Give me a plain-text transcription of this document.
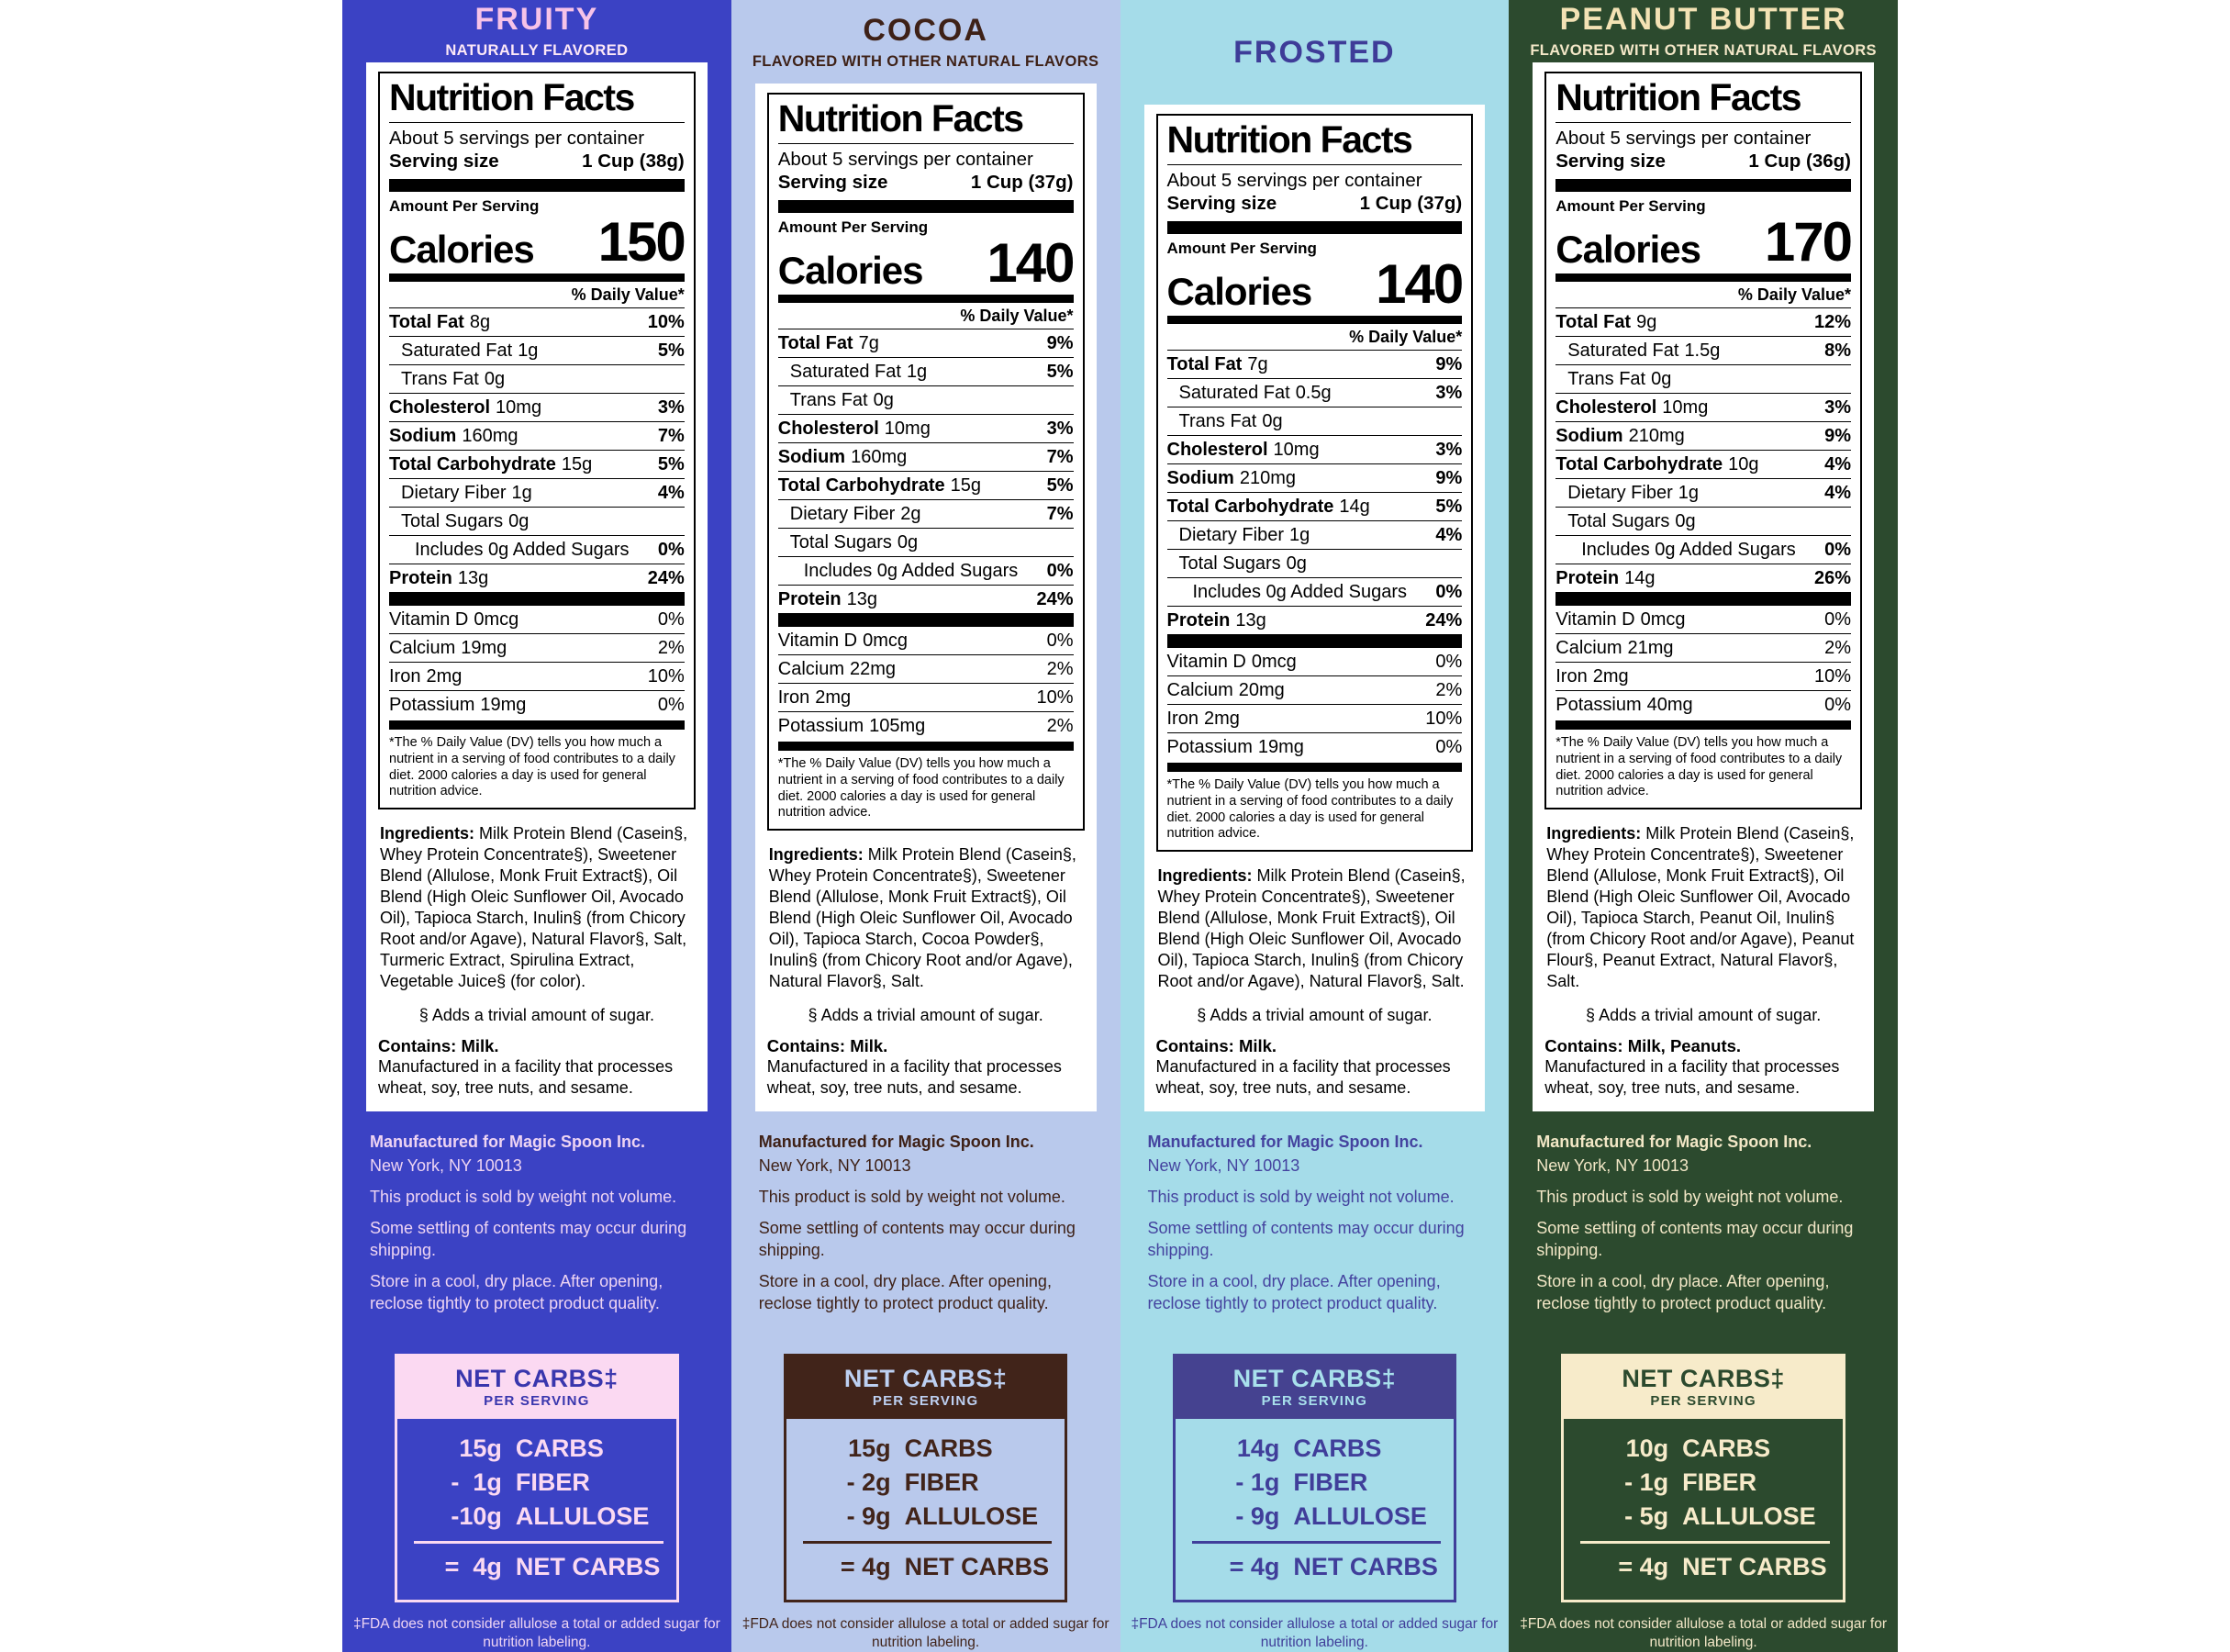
FRUITY
NATURALLY FLAVORED
Nutrition Facts
About 5 servings per container
Serving size	1 Cup (38g)
Amount Per Serving
Calories 150
% Daily Value*
Total Fat 8g	10%
Saturated Fat 1g	5%
Trans Fat 0g
Cholesterol 10mg	3%
Sodium 160mg	7%
Total Carbohydrate 15g	5%
Dietary Fiber 1g	4%
Total Sugars 0g
Includes 0g Added Sugars 0%
Protein 13g	24%
Vitamin D 0mcg	0%
Calcium 19mg	2%
Iron 2mg	10%
Potassium 19mg	0%
*The % Daily Value (DV) tells you how much a nutrient in a serving of food contributes to a daily diet. 2000 calories a day is used for general nutrition advice.
Ingredients: Milk Protein Blend (Casein§, Whey Protein Concentrate§), Sweetener Blend (Allulose, Monk Fruit Extract§), Oil Blend (High Oleic Sunflower Oil, Avocado Oil), Tapioca Starch, Inulin§ (from Chicory Root and/or Agave), Natural Flavor§, Salt, Turmeric Extract, Spirulina Extract, Vegetable Juice§ (for color).
§ Adds a trivial amount of sugar.
Contains: Milk.
Manufactured in a facility that processes wheat, soy, tree nuts, and sesame.

Manufactured for Magic Spoon Inc.

New York, NY 10013

This product is sold by weight not volume.

Some settling of contents may occur during shipping.

Store in a cool, dry place. After opening, reclose tightly to protect product quality.

NET CARBS‡
PER SERVING
15g CARBS
-  1g FIBER
-10g ALLULOSE
=  4g NET CARBS
‡FDA does not consider allulose a total or added sugar for nutrition labeling.
COCOA
FLAVORED WITH OTHER NATURAL FLAVORS
Nutrition Facts
About 5 servings per container
Serving size	1 Cup (37g)
Amount Per Serving
Calories 140
% Daily Value*
Total Fat 7g	9%
Saturated Fat 1g	5%
Trans Fat 0g
Cholesterol 10mg	3%
Sodium 160mg	7%
Total Carbohydrate 15g	5%
Dietary Fiber 2g	7%
Total Sugars 0g
Includes 0g Added Sugars 0%
Protein 13g	24%
Vitamin D 0mcg	0%
Calcium 22mg	2%
Iron 2mg	10%
Potassium 105mg	2%
*The % Daily Value (DV) tells you how much a nutrient in a serving of food contributes to a daily diet. 2000 calories a day is used for general nutrition advice.
Ingredients: Milk Protein Blend (Casein§, Whey Protein Concentrate§), Sweetener Blend (Allulose, Monk Fruit Extract§), Oil Blend (High Oleic Sunflower Oil, Avocado Oil), Tapioca Starch, Cocoa Powder§, Inulin§ (from Chicory Root and/or Agave), Natural Flavor§, Salt.
§ Adds a trivial amount of sugar.
Contains: Milk.
Manufactured in a facility that processes wheat, soy, tree nuts, and sesame.

Manufactured for Magic Spoon Inc.

New York, NY 10013

This product is sold by weight not volume.

Some settling of contents may occur during shipping.

Store in a cool, dry place. After opening, reclose tightly to protect product quality.

NET CARBS‡
PER SERVING
15g CARBS
- 2g FIBER
- 9g ALLULOSE
= 4g NET CARBS
‡FDA does not consider allulose a total or added sugar for nutrition labeling.
FROSTED
Nutrition Facts
About 5 servings per container
Serving size	1 Cup (37g)
Amount Per Serving
Calories 140
% Daily Value*
Total Fat 7g	9%
Saturated Fat 0.5g	3%
Trans Fat 0g
Cholesterol 10mg	3%
Sodium 210mg	9%
Total Carbohydrate 14g	5%
Dietary Fiber 1g	4%
Total Sugars 0g
Includes 0g Added Sugars 0%
Protein 13g	24%
Vitamin D 0mcg	0%
Calcium 20mg	2%
Iron 2mg	10%
Potassium 19mg	0%
*The % Daily Value (DV) tells you how much a nutrient in a serving of food contributes to a daily diet. 2000 calories a day is used for general nutrition advice.
Ingredients: Milk Protein Blend (Casein§, Whey Protein Concentrate§), Sweetener Blend (Allulose, Monk Fruit Extract§), Oil Blend (High Oleic Sunflower Oil, Avocado Oil), Tapioca Starch, Inulin§ (from Chicory Root and/or Agave), Natural Flavor§, Salt.
§ Adds a trivial amount of sugar.
Contains: Milk.
Manufactured in a facility that processes wheat, soy, tree nuts, and sesame.

Manufactured for Magic Spoon Inc.

New York, NY 10013

This product is sold by weight not volume.

Some settling of contents may occur during shipping.

Store in a cool, dry place. After opening, reclose tightly to protect product quality.

NET CARBS‡
PER SERVING
14g CARBS
- 1g FIBER
- 9g ALLULOSE
= 4g NET CARBS
‡FDA does not consider allulose a total or added sugar for nutrition labeling.
PEANUT BUTTER
FLAVORED WITH OTHER NATURAL FLAVORS
Nutrition Facts
About 5 servings per container
Serving size	1 Cup (36g)
Amount Per Serving
Calories 170
% Daily Value*
Total Fat 9g	12%
Saturated Fat 1.5g	8%
Trans Fat 0g
Cholesterol 10mg	3%
Sodium 210mg	9%
Total Carbohydrate 10g	4%
Dietary Fiber 1g	4%
Total Sugars 0g
Includes 0g Added Sugars 0%
Protein 14g	26%
Vitamin D 0mcg	0%
Calcium 21mg	2%
Iron 2mg	10%
Potassium 40mg	0%
*The % Daily Value (DV) tells you how much a nutrient in a serving of food contributes to a daily diet. 2000 calories a day is used for general nutrition advice.
Ingredients: Milk Protein Blend (Casein§, Whey Protein Concentrate§), Sweetener Blend (Allulose, Monk Fruit Extract§), Oil Blend (High Oleic Sunflower Oil, Avocado Oil), Tapioca Starch, Peanut Oil, Inulin§ (from Chicory Root and/or Agave), Peanut Flour§, Peanut Extract, Natural Flavor§, Salt.
§ Adds a trivial amount of sugar.
Contains: Milk, Peanuts.
Manufactured in a facility that processes wheat, soy, tree nuts, and sesame.

Manufactured for Magic Spoon Inc.

New York, NY 10013

This product is sold by weight not volume.

Some settling of contents may occur during shipping.

Store in a cool, dry place. After opening, reclose tightly to protect product quality.

NET CARBS‡
PER SERVING
10g CARBS
- 1g FIBER
- 5g ALLULOSE
= 4g NET CARBS
‡FDA does not consider allulose a total or added sugar for nutrition labeling.
